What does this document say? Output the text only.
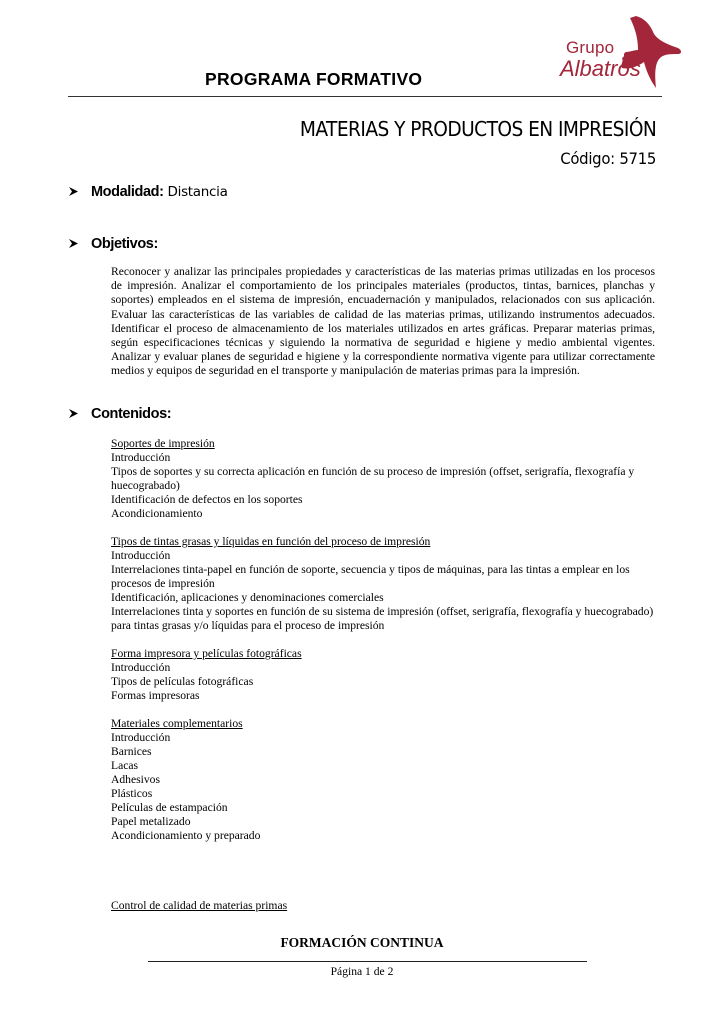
Grupo
Albatros
PROGRAMA FORMATIVO
MATERIAS Y PRODUCTOS EN IMPRESIÓN
Código: 5715
Modalidad: Distancia
Objetivos:
Reconocer y analizar las principales propiedades y características de las materias primas utilizadas en los procesos de impresión. Analizar el comportamiento de los principales materiales (productos, tintas, barnices, planchas y soportes) empleados en el sistema de impresión, encuadernación y manipulados, relacionados con sus aplicación. Evaluar las características de las variables de calidad de las materias primas, utilizando instrumentos adecuados. Identificar el proceso de almacenamiento de los materiales utilizados en artes gráficas. Preparar materias primas, según especificaciones técnicas y siguiendo la normativa de seguridad e higiene y medio ambiental vigentes. Analizar y evaluar planes de seguridad e higiene y la correspondiente normativa vigente para utilizar correctamente medios y equipos de seguridad en el transporte y manipulación de materias primas para la impresión.
Contenidos:
Soportes de impresión
Introducción
Tipos de soportes y su correcta aplicación en función de su proceso de impresión (offset, serigrafía, flexografía y huecograbado)
Identificación de defectos en los soportes
Acondicionamiento
Tipos de tintas grasas y líquidas en función del proceso de impresión
Introducción
Interrelaciones tinta-papel en función de soporte, secuencia y tipos de máquinas, para las tintas a emplear en los procesos de impresión
Identificación, aplicaciones y denominaciones comerciales
Interrelaciones tinta y soportes en función de su sistema de impresión (offset, serigrafía, flexografía y huecograbado) para tintas grasas y/o líquidas para el proceso de impresión
Forma impresora y películas fotográficas
Introducción
Tipos de películas fotográficas
Formas impresoras
Materiales complementarios
Introducción
Barnices
Lacas
Adhesivos
Plásticos
Películas de estampación
Papel metalizado
Acondicionamiento y preparado
Control de calidad de materias primas
FORMACIÓN CONTINUA
Página 1 de 2
